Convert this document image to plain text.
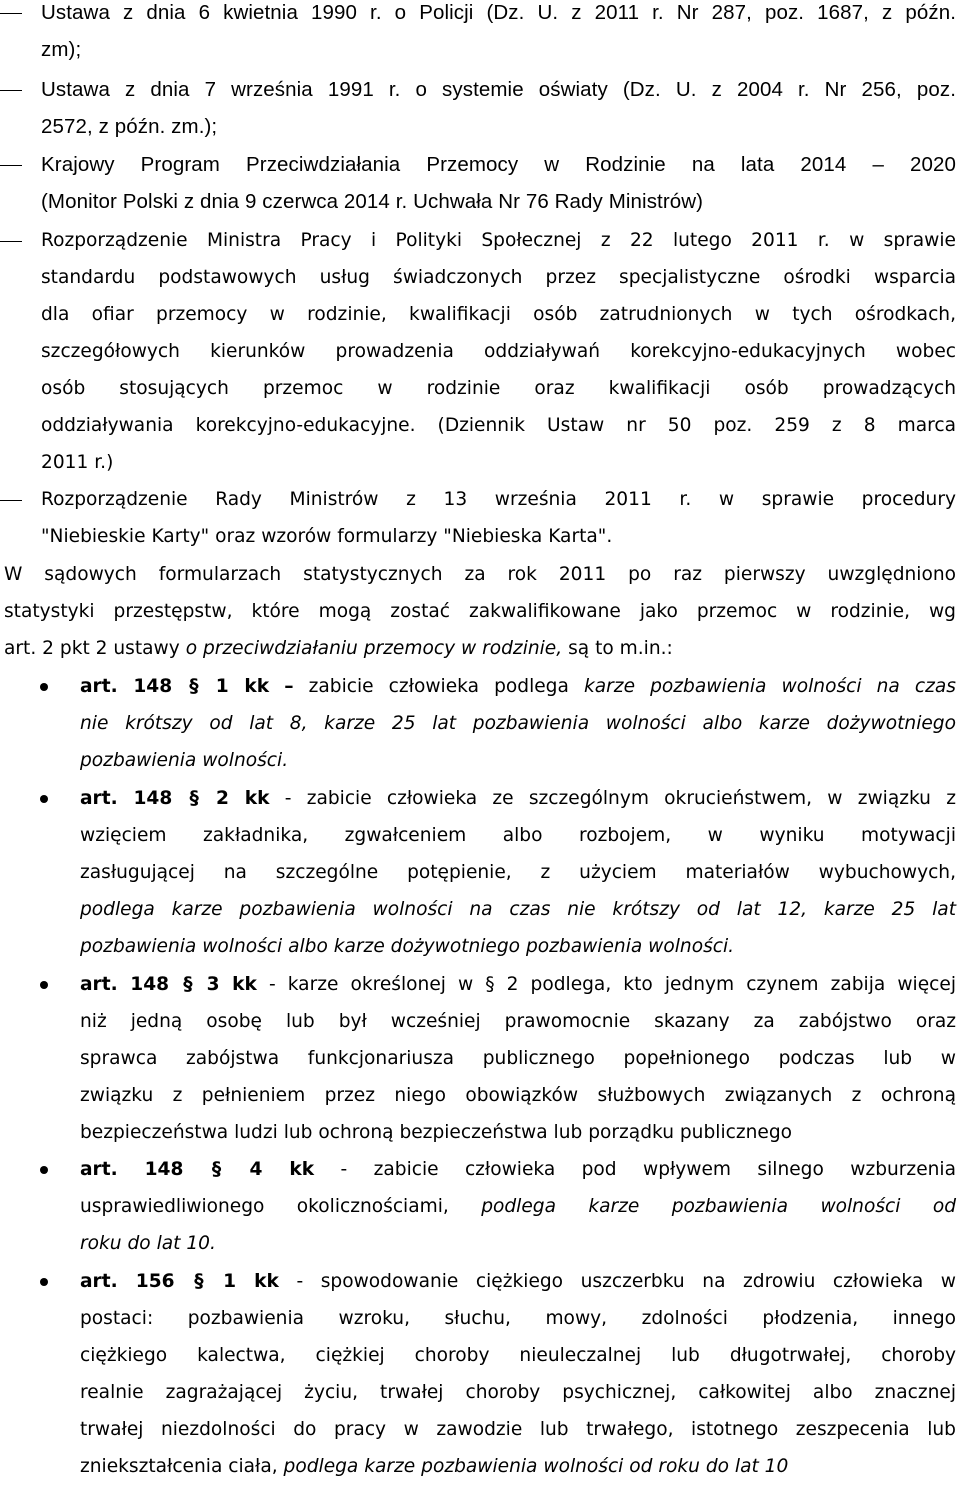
Ustawa z dnia 6 kwietnia 1990 r. o Policji (Dz. U. z 2011 r. Nr 287, poz. 1687, z późn.
zm);
Ustawa z dnia 7 września 1991 r. o systemie oświaty (Dz. U. z 2004 r. Nr 256, poz.
2572, z późn. zm.);
Krajowy Program Przeciwdziałania Przemocy w Rodzinie na lata 2014 – 2020
(Monitor Polski z dnia 9 czerwca 2014 r. Uchwała Nr 76 Rady Ministrów)
Rozporządzenie Ministra Pracy i Polityki Społecznej z 22 lutego 2011 r. w sprawie
standardu podstawowych usług świadczonych przez specjalistyczne ośrodki wsparcia
dla ofiar przemocy w rodzinie, kwalifikacji osób zatrudnionych w tych ośrodkach,
szczegółowych kierunków prowadzenia oddziaływań korekcyjno-edukacyjnych wobec
osób stosujących przemoc w rodzinie oraz kwalifikacji osób prowadzących
oddziaływania korekcyjno-edukacyjne. (Dziennik Ustaw nr 50 poz. 259 z 8 marca
2011 r.)
Rozporządzenie Rady Ministrów z 13 września 2011 r. w sprawie procedury
"Niebieskie Karty" oraz wzorów formularzy "Niebieska Karta".
W sądowych formularzach statystycznych za rok 2011 po raz pierwszy uwzględniono
statystyki przestępstw, które mogą zostać zakwalifikowane jako przemoc w rodzinie, wg
art. 2 pkt 2 ustawy o przeciwdziałaniu przemocy w rodzinie, są to m.in.:
art. 148 § 1 kk – zabicie człowieka podlega karze pozbawienia wolności na czas
nie krótszy od lat 8, karze 25 lat pozbawienia wolności albo karze dożywotniego
pozbawienia wolności.
art. 148 § 2 kk - zabicie człowieka ze szczególnym okrucieństwem, w związku z
wzięciem zakładnika, zgwałceniem albo rozbojem, w wyniku motywacji
zasługującej na szczególne potępienie, z użyciem materiałów wybuchowych,
podlega karze pozbawienia wolności na czas nie krótszy od lat 12, karze 25 lat
pozbawienia wolności albo karze dożywotniego pozbawienia wolności.
art. 148 § 3 kk - karze określonej w § 2 podlega, kto jednym czynem zabija więcej
niż jedną osobę lub był wcześniej prawomocnie skazany za zabójstwo oraz
sprawca zabójstwa funkcjonariusza publicznego popełnionego podczas lub w
związku z pełnieniem przez niego obowiązków służbowych związanych z ochroną
bezpieczeństwa ludzi lub ochroną bezpieczeństwa lub porządku publicznego
art. 148 § 4 kk - zabicie człowieka pod wpływem silnego wzburzenia
usprawiedliwionego okolicznościami, podlega karze pozbawienia wolności od
roku do lat 10.
art. 156 § 1 kk - spowodowanie ciężkiego uszczerbku na zdrowiu człowieka w
postaci: pozbawienia wzroku, słuchu, mowy, zdolności płodzenia, innego
ciężkiego kalectwa, ciężkiej choroby nieuleczalnej lub długotrwałej, choroby
realnie zagrażającej życiu, trwałej choroby psychicznej, całkowitej albo znacznej
trwałej niezdolności do pracy w zawodzie lub trwałego, istotnego zeszpecenia lub
zniekształcenia ciała, podlega karze pozbawienia wolności od roku do lat 10
